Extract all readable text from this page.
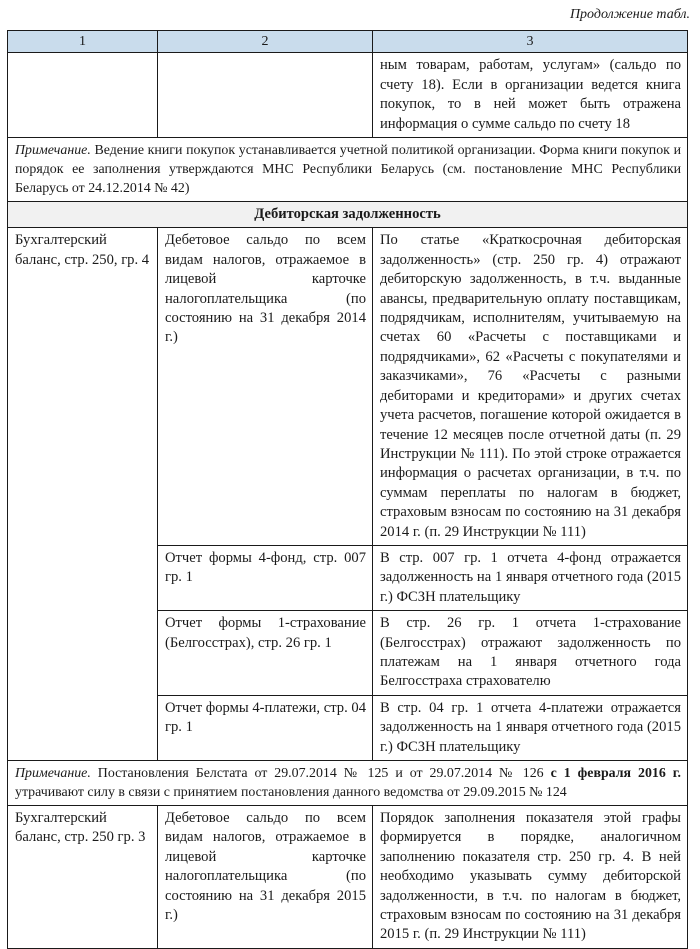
Продолжение табл.
1	2	3
		ным товарам, работам, услугам» (сальдо по счету 18). Если в организации ведется книга покупок, то в ней может быть отражена информация о сумме сальдо по счету 18
Примечание. Ведение книги покупок устанавливается учетной политикой организации. Форма книги покупок и порядок ее заполнения утверждаются МНС Республики Беларусь (см. постановление МНС Республики Беларусь от 24.12.2014 № 42)		
Дебиторская задолженность		
Бухгалтерский баланс, стр. 250, гр. 4	Дебетовое сальдо по всем видам налогов, отражаемое в лицевой карточке налогоплательщика (по состоянию на 31 декабря 2014 г.)	По статье «Краткосрочная дебиторская задолженность» (стр. 250 гр. 4) отражают дебиторскую задолженность, в т.ч. выданные авансы, предварительную оплату поставщикам, подрядчикам, исполнителям, учитываемую на счетах 60 «Расчеты с поставщиками и подрядчиками», 62 «Расчеты с покупателями и заказчиками», 76 «Расчеты с разными дебиторами и кредиторами» и других счетах учета расчетов, погашение которой ожидается в течение 12 месяцев после отчетной даты (п. 29 Инструкции № 111). По этой строке отражается информация о расчетах организации, в т.ч. по суммам переплаты по налогам в бюджет, страховым взносам по состоянию на 31 декабря 2014 г. (п. 29 Инструкции № 111)
	Отчет формы 4-фонд, стр. 007 гр. 1	В стр. 007 гр. 1 отчета 4-фонд отражается задолженность на 1 января отчетного года (2015 г.) ФСЗН плательщику
	Отчет формы 1-страхование (Белгосстрах), стр. 26 гр. 1	В стр. 26 гр. 1 отчета 1-страхование (Белгосстрах) отражают задолженность по платежам на 1 января отчетного года Белгосстраха страхователю
	Отчет формы 4-платежи, стр. 04 гр. 1	В стр. 04 гр. 1 отчета 4-платежи отражается задолженность на 1 января отчетного года (2015 г.) ФСЗН плательщику
Примечание. Постановления Белстата от 29.07.2014 № 125 и от 29.07.2014 № 126 с 1 февраля 2016 г. утрачивают силу в связи с принятием постановления данного ведомства от 29.09.2015 № 124		
Бухгалтерский баланс, стр. 250 гр. 3	Дебетовое сальдо по всем видам налогов, отражаемое в лицевой карточке налогоплательщика (по состоянию на 31 декабря 2015 г.)	Порядок заполнения показателя этой графы формируется в порядке, аналогичном заполнению показателя стр. 250 гр. 4. В ней необходимо указывать сумму дебиторской задолженности, в т.ч. по налогам в бюджет, страховым взносам по состоянию на 31 декабря 2015 г. (п. 29 Инструкции № 111)
